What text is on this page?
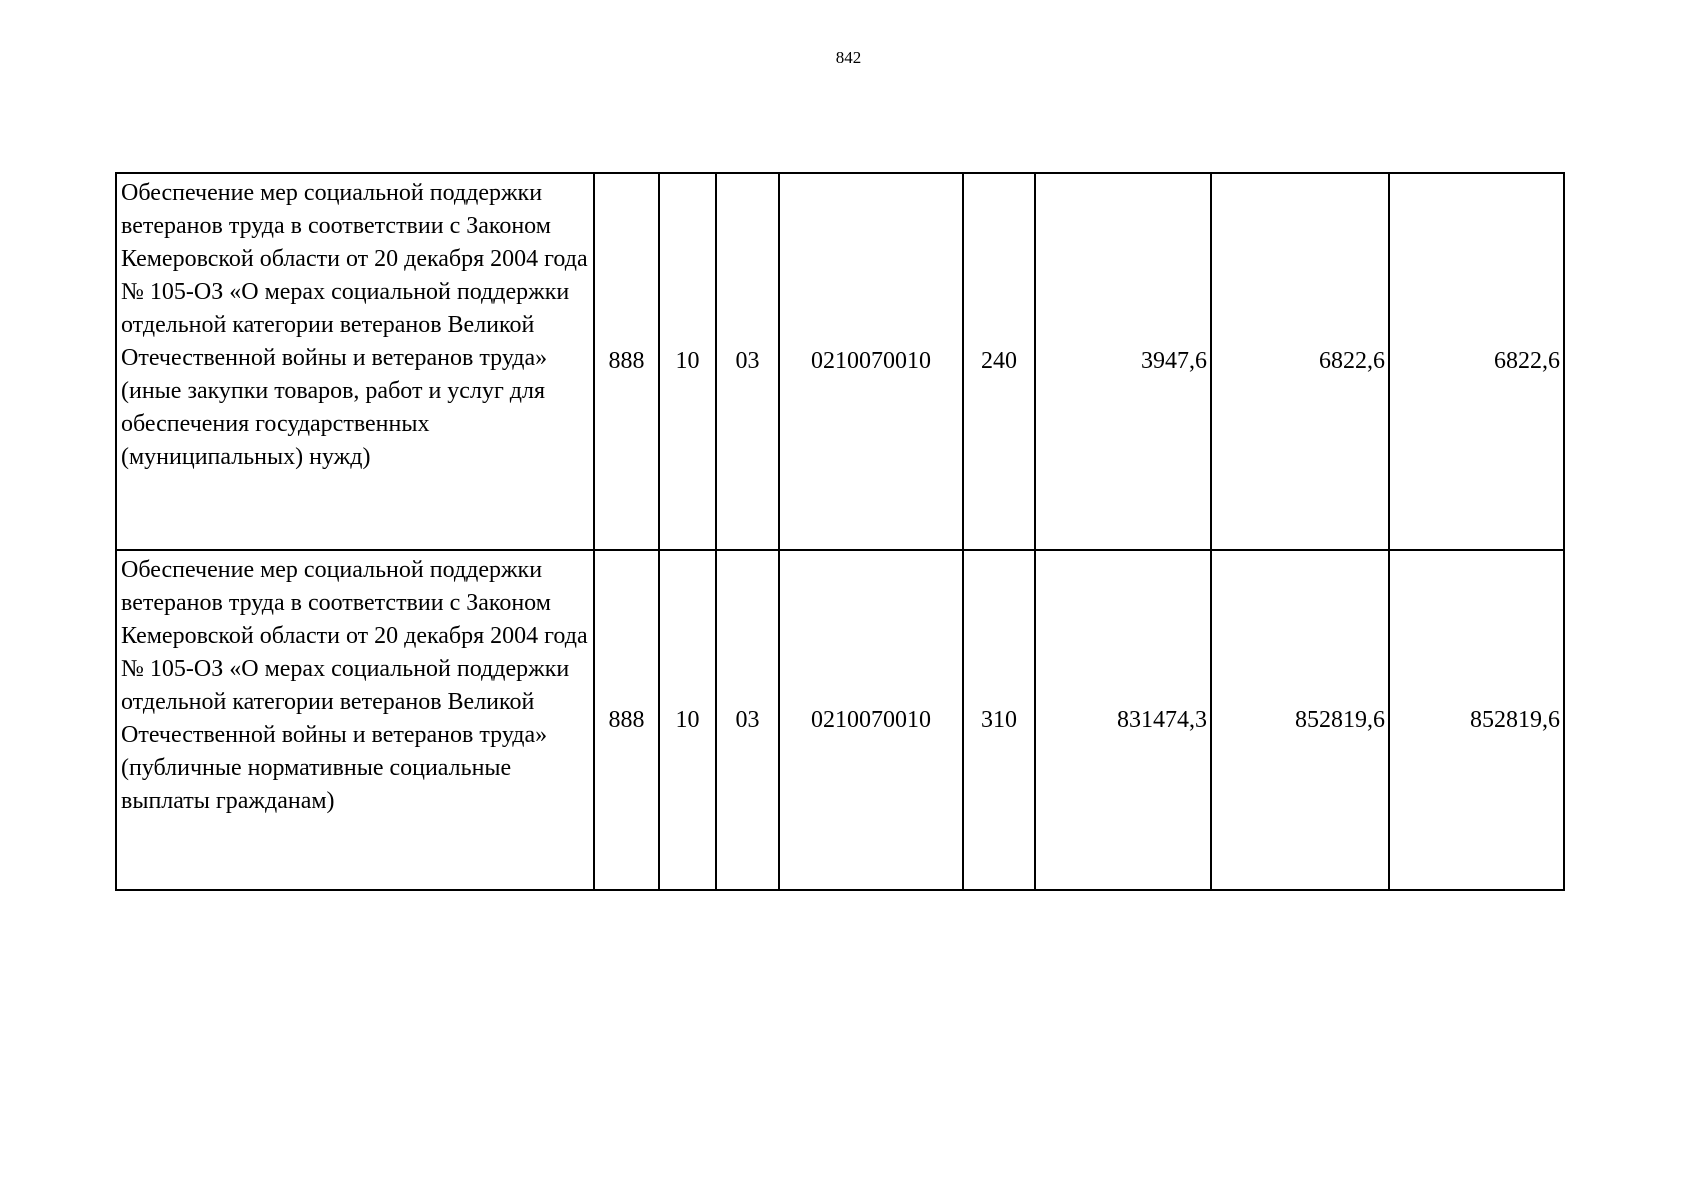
842
Обеспечение мер социальной поддержки ветеранов труда в соответствии с Законом Кемеровской области от 20 декабря 2004 года № 105-ОЗ «О мерах социальной поддержки отдельной категории ветеранов Великой Отечественной войны и ветеранов труда» (иные закупки товаров, работ и услуг для обеспечения государственных (муниципальных) нужд)	888	10	03	0210070010	240	3947,6	6822,6	6822,6
Обеспечение мер социальной поддержки ветеранов труда в соответствии с Законом Кемеровской области от 20 декабря 2004 года № 105-ОЗ «О мерах социальной поддержки отдельной категории ветеранов Великой Отечественной войны и ветеранов труда» (публичные нормативные социальные выплаты гражданам)	888	10	03	0210070010	310	831474,3	852819,6	852819,6
